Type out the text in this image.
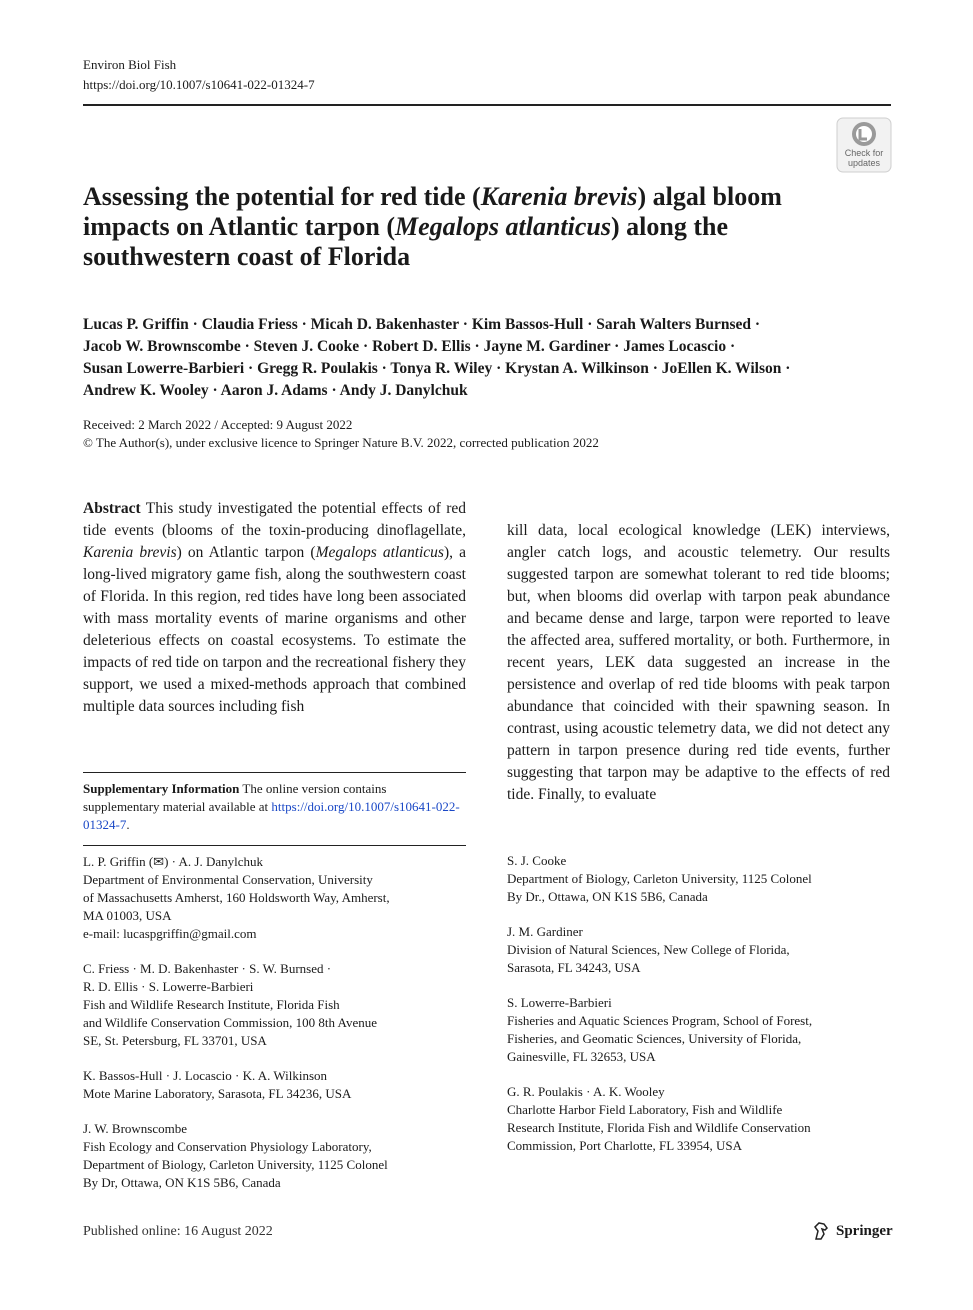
Environ Biol Fish
https://doi.org/10.1007/s10641-022-01324-7
Check for
updates
Assessing the potential for red tide (Karenia brevis) algal bloom impacts on Atlantic tarpon (Megalops atlanticus) along the southwestern coast of Florida
Lucas P. Griffin · Claudia Friess · Micah D. Bakenhaster · Kim Bassos-Hull · Sarah Walters Burnsed ·
Jacob W. Brownscombe · Steven J. Cooke · Robert D. Ellis · Jayne M. Gardiner · James Locascio ·
Susan Lowerre-Barbieri · Gregg R. Poulakis · Tonya R. Wiley · Krystan A. Wilkinson · JoEllen K. Wilson ·
Andrew K. Wooley · Aaron J. Adams · Andy J. Danylchuk
Received: 2 March 2022 / Accepted: 9 August 2022
© The Author(s), under exclusive licence to Springer Nature B.V. 2022, corrected publication 2022
Abstract This study investigated the potential effects of red tide events (blooms of the toxin-producing dinoflagellate, Karenia brevis) on Atlantic tarpon (Megalops atlanticus), a long-lived migratory game fish, along the southwestern coast of Florida. In this region, red tides have long been associated with mass mortality events of marine organisms and other deleterious effects on coastal ecosystems. To estimate the impacts of red tide on tarpon and the recreational fishery they support, we used a mixed-methods approach that combined multiple data sources including fish
kill data, local ecological knowledge (LEK) interviews, angler catch logs, and acoustic telemetry. Our results suggested tarpon are somewhat tolerant to red tide blooms; but, when blooms did overlap with tarpon peak abundance and became dense and large, tarpon were reported to leave the affected area, suffered mortality, or both. Furthermore, in recent years, LEK data suggested an increase in the persistence and overlap of red tide blooms with peak tarpon abundance that coincided with their spawning season. In contrast, using acoustic telemetry data, we did not detect any pattern in tarpon presence during red tide events, further suggesting that tarpon may be adaptive to the effects of red tide. Finally, to evaluate
Supplementary Information The online version contains supplementary material available at https://doi.org/10.1007/s10641-022-01324-7.
L. P. Griffin (✉) · A. J. Danylchuk
Department of Environmental Conservation, University
of Massachusetts Amherst, 160 Holdsworth Way, Amherst,
MA 01003, USA
e-mail: lucaspgriffin@gmail.com
C. Friess · M. D. Bakenhaster · S. W. Burnsed ·
R. D. Ellis · S. Lowerre-Barbieri
Fish and Wildlife Research Institute, Florida Fish
and Wildlife Conservation Commission, 100 8th Avenue
SE, St. Petersburg, FL 33701, USA
K. Bassos-Hull · J. Locascio · K. A. Wilkinson
Mote Marine Laboratory, Sarasota, FL 34236, USA
J. W. Brownscombe
Fish Ecology and Conservation Physiology Laboratory,
Department of Biology, Carleton University, 1125 Colonel
By Dr, Ottawa, ON K1S 5B6, Canada
S. J. Cooke
Department of Biology, Carleton University, 1125 Colonel
By Dr., Ottawa, ON K1S 5B6, Canada
J. M. Gardiner
Division of Natural Sciences, New College of Florida,
Sarasota, FL 34243, USA
S. Lowerre-Barbieri
Fisheries and Aquatic Sciences Program, School of Forest,
Fisheries, and Geomatic Sciences, University of Florida,
Gainesville, FL 32653, USA
G. R. Poulakis · A. K. Wooley
Charlotte Harbor Field Laboratory, Fish and Wildlife
Research Institute, Florida Fish and Wildlife Conservation
Commission, Port Charlotte, FL 33954, USA
Published online: 16 August 2022	Springer
